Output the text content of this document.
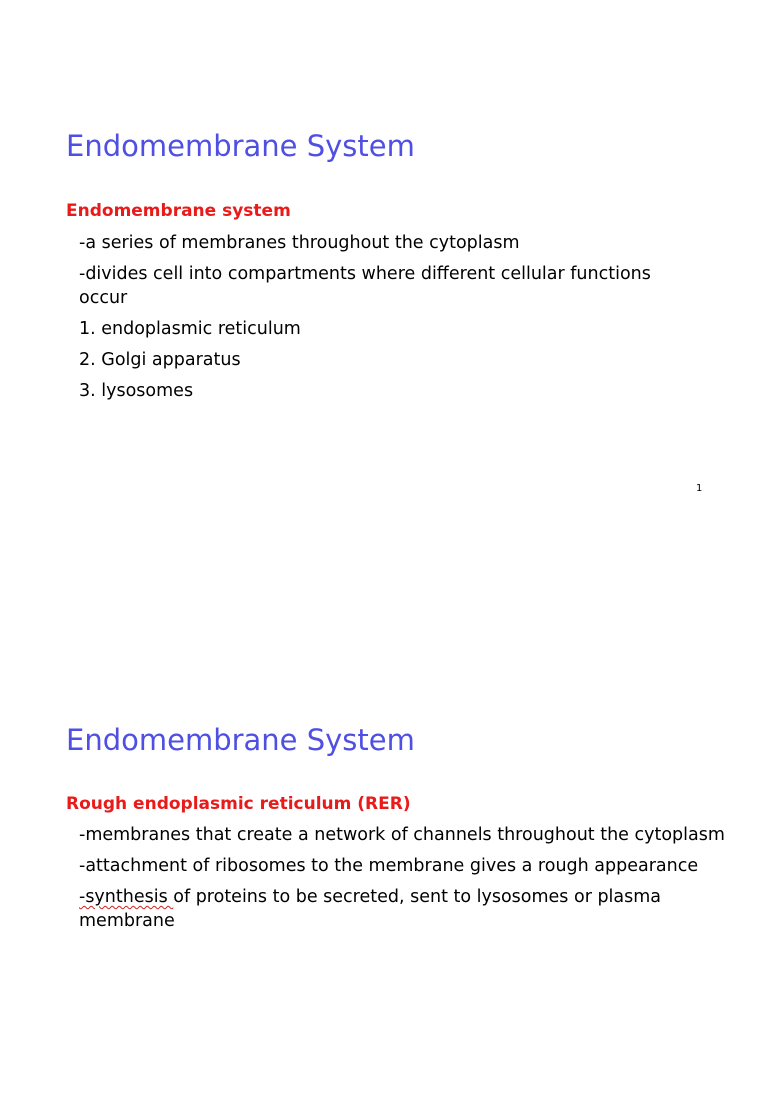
Endomembrane System
Endomembrane system
-a series of membranes throughout the cytoplasm
-divides cell into compartments where different cellular functions occur
1. endoplasmic reticulum
2. Golgi apparatus
3. lysosomes
1
Endomembrane System
Rough endoplasmic reticulum (RER)
-membranes that create a network of channels throughout the cytoplasm
-attachment of ribosomes to the membrane gives a rough appearance
-synthesis of proteins to be secreted, sent to lysosomes or plasma membrane
